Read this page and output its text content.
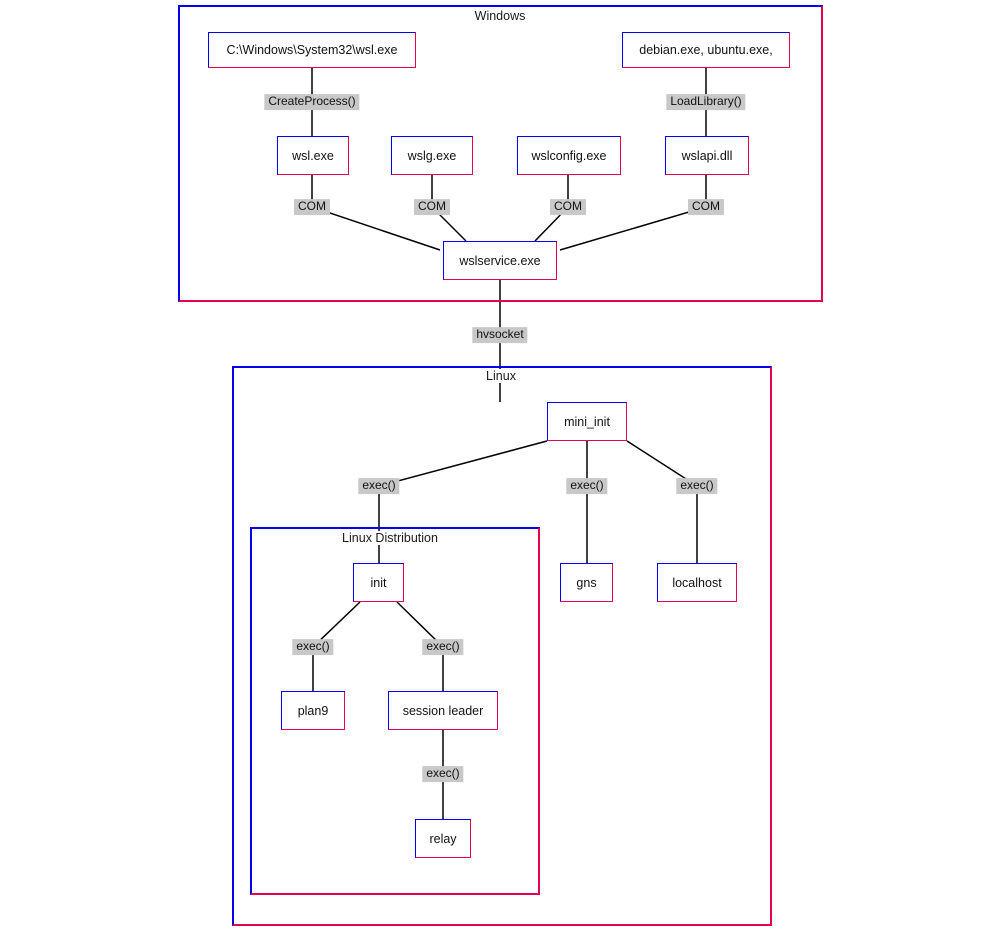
Windows
Linux
Linux Distribution
C:\Windows\System32\wsl.exe	debian.exe, ubuntu.exe,
wsl.exe	wslg.exe	wslconfig.exe	wslapi.dll
wslservice.exe
mini_init
gns	localhost
init
plan9	session leader
relay
CreateProcess()	LoadLibrary()
COM	COM	COM	COM
hvsocket
exec()	exec()	exec()
exec()	exec()
exec()
